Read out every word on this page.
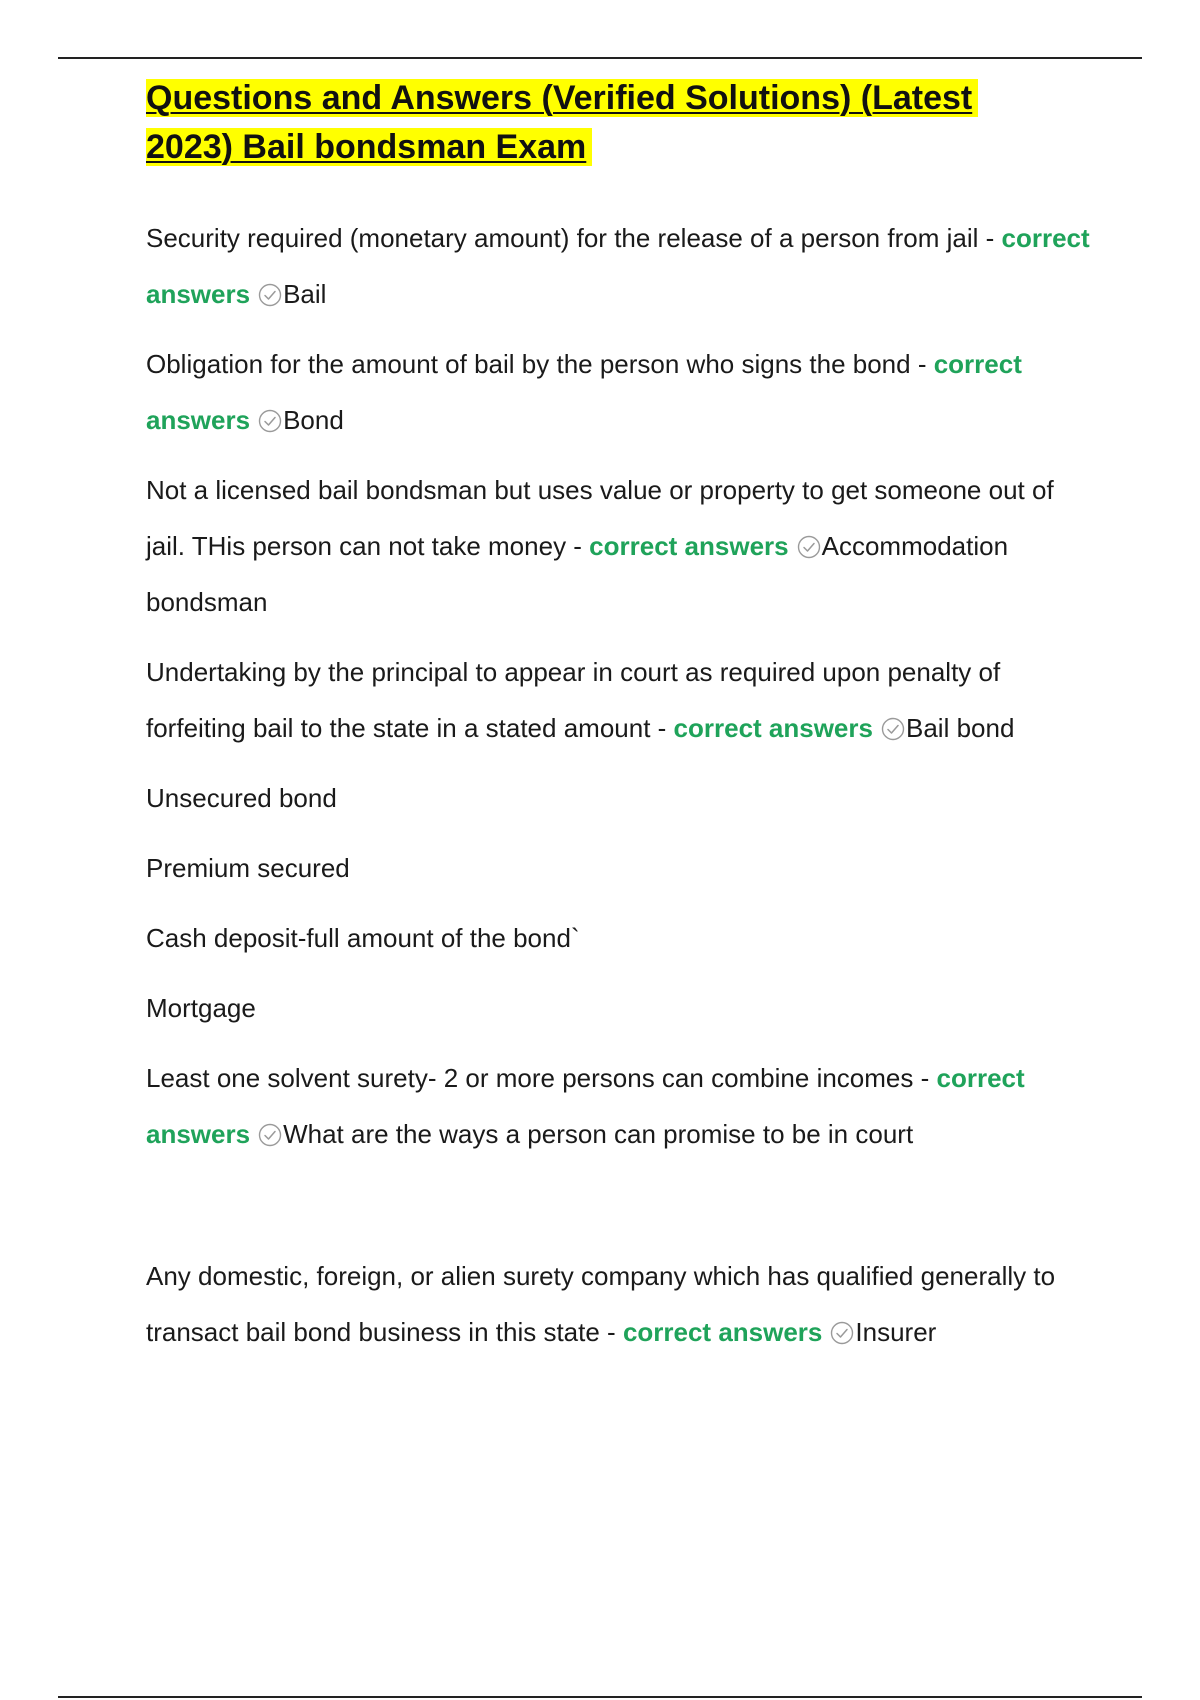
Questions and Answers (Verified Solutions) (Latest
2023) Bail bondsman Exam

Security required (monetary amount) for the release of a person from jail - correct answers Bail

Obligation for the amount of bail by the person who signs the bond - correct answers Bond

Not a licensed bail bondsman but uses value or property to get someone out of jail. THis person can not take money - correct answers Accommodation bondsman

Undertaking by the principal to appear in court as required upon penalty of forfeiting bail to the state in a stated amount - correct answers Bail bond

Unsecured bond

Premium secured

Cash deposit-full amount of the bond`

Mortgage

Least one solvent surety- 2 or more persons can combine incomes - correct answers What are the ways a person can promise to be in court

Any domestic, foreign, or alien surety company which has qualified generally to transact bail bond business in this state - correct answers Insurer
